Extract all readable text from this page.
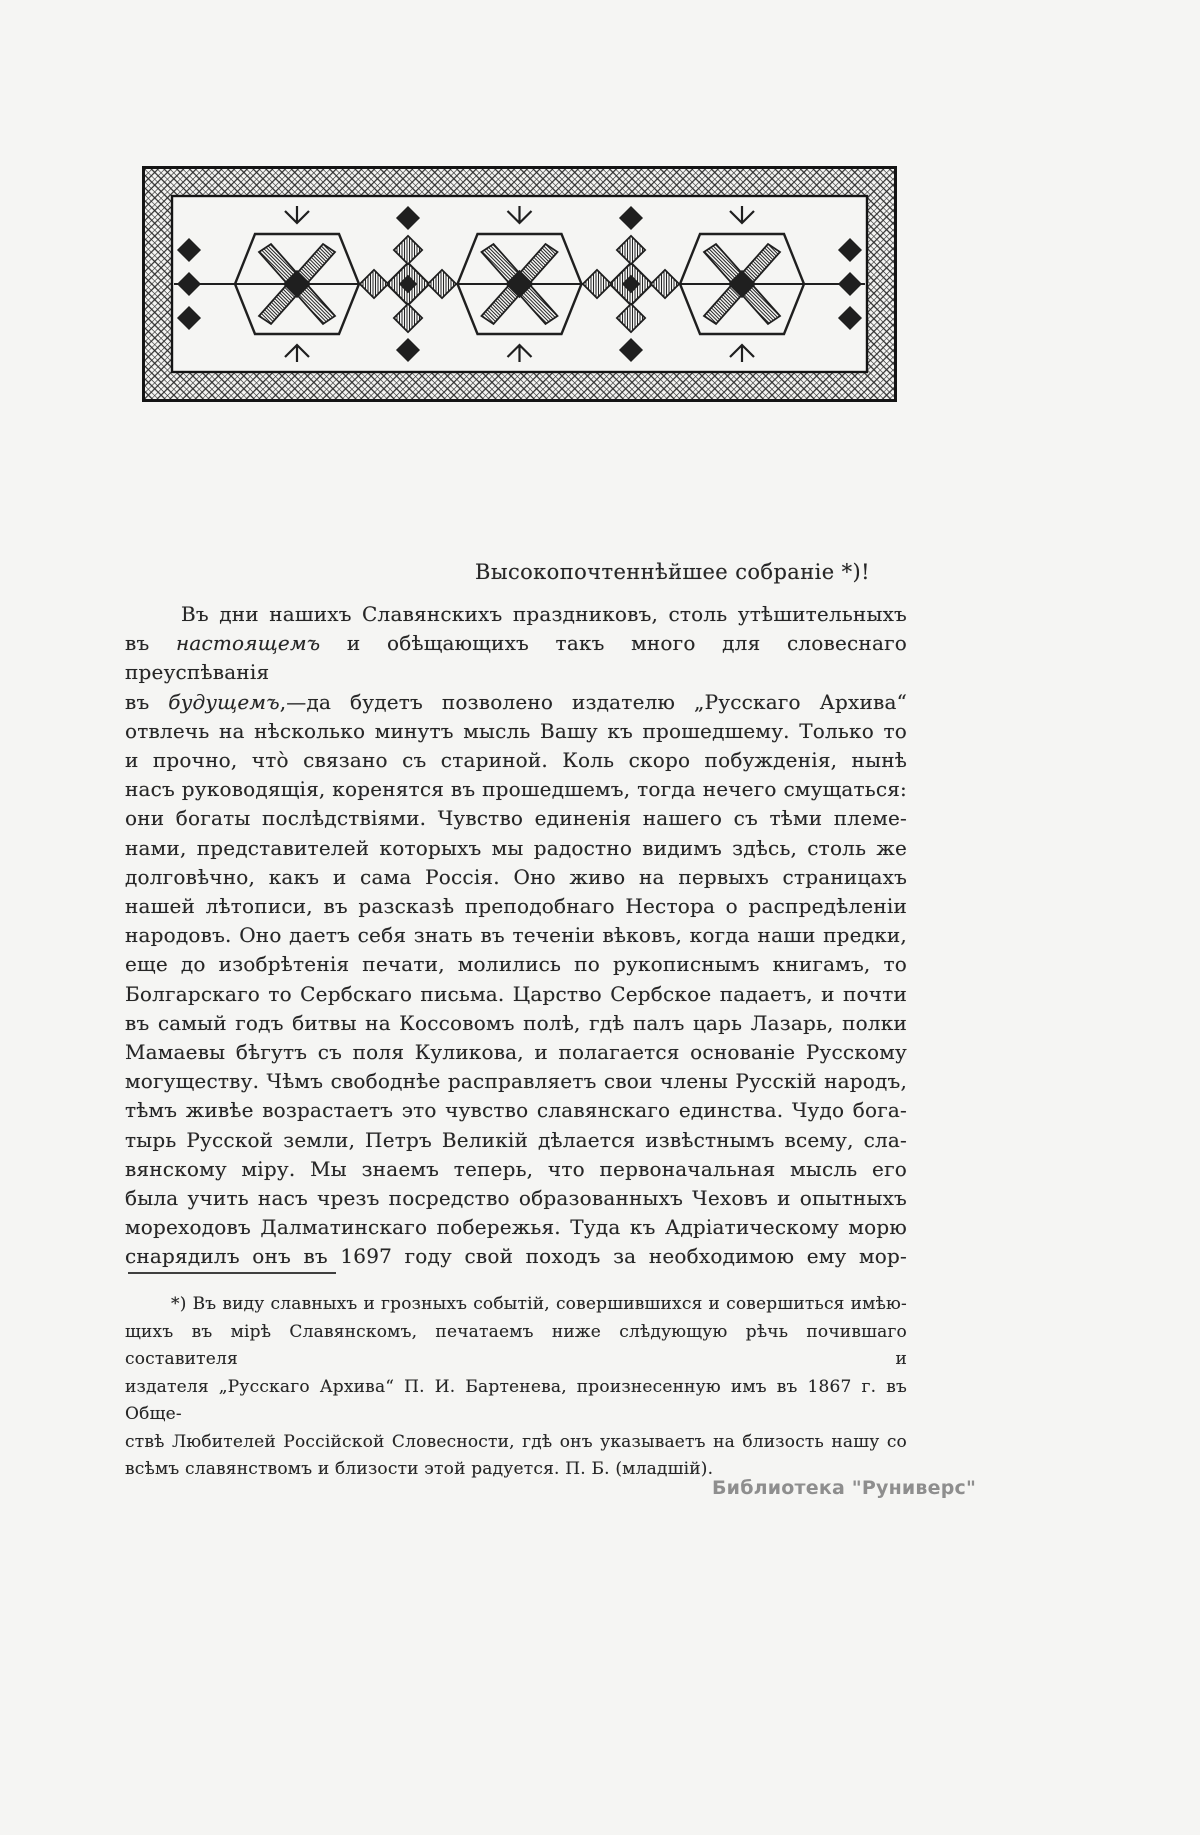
Высокопочтеннѣйшее собраніе *)!
Въ дни нашихъ Славянскихъ праздниковъ, столь утѣшительныхъ
въ настоящемъ и обѣщающихъ такъ много для словеснаго преуспѣванія
въ будущемъ,—да будетъ позволено издателю „Русскаго Архива“
отвлечь на нѣсколько минутъ мысль Вашу къ прошедшему. Только то
и прочно, чтò связано съ стариной. Коль скоро побужденія, нынѣ
насъ руководящія, коренятся въ прошедшемъ, тогда нечего смущаться:
они богаты послѣдствіями. Чувство единенія нашего съ тѣми племе-
нами, представителей которыхъ мы радостно видимъ здѣсь, столь же
долговѣчно, какъ и сама Россія. Оно живо на первыхъ страницахъ
нашей лѣтописи, въ разсказѣ преподобнаго Нестора о распредѣленіи
народовъ. Оно даетъ себя знать въ теченіи вѣковъ, когда наши предки,
еще до изобрѣтенія печати, молились по рукописнымъ книгамъ, то
Болгарскаго то Сербскаго письма. Царство Сербское падаетъ, и почти
въ самый годъ битвы на Коссовомъ полѣ, гдѣ палъ царь Лазарь, полки
Мамаевы бѣгутъ съ поля Куликова, и полагается основаніе Русскому
могуществу. Чѣмъ свободнѣе расправляетъ свои члены Русскій народъ,
тѣмъ живѣе возрастаетъ это чувство славянскаго единства. Чудо бога-
тырь Русской земли, Петръ Великій дѣлается извѣстнымъ всему, сла-
вянскому міру. Мы знаемъ теперь, что первоначальная мысль его
была учить насъ чрезъ посредство образованныхъ Чеховъ и опытныхъ
мореходовъ Далматинскаго побережья. Туда къ Адріатическому морю
снарядилъ онъ въ 1697 году свой походъ за необходимою ему мор-
*) Въ виду славныхъ и грозныхъ событій, совершившихся и совершиться имѣю-
щихъ въ мірѣ Славянскомъ, печатаемъ ниже слѣдующую рѣчь почившаго составителя и
издателя „Русскаго Архива“ П. И. Бартенева, произнесенную имъ въ 1867 г. въ Обще-
ствѣ Любителей Россійской Словесности, гдѣ онъ указываетъ на близость нашу со
всѣмъ славянствомъ и близости этой радуется. П. Б. (младшій).
Библиотека "Руниверс"
